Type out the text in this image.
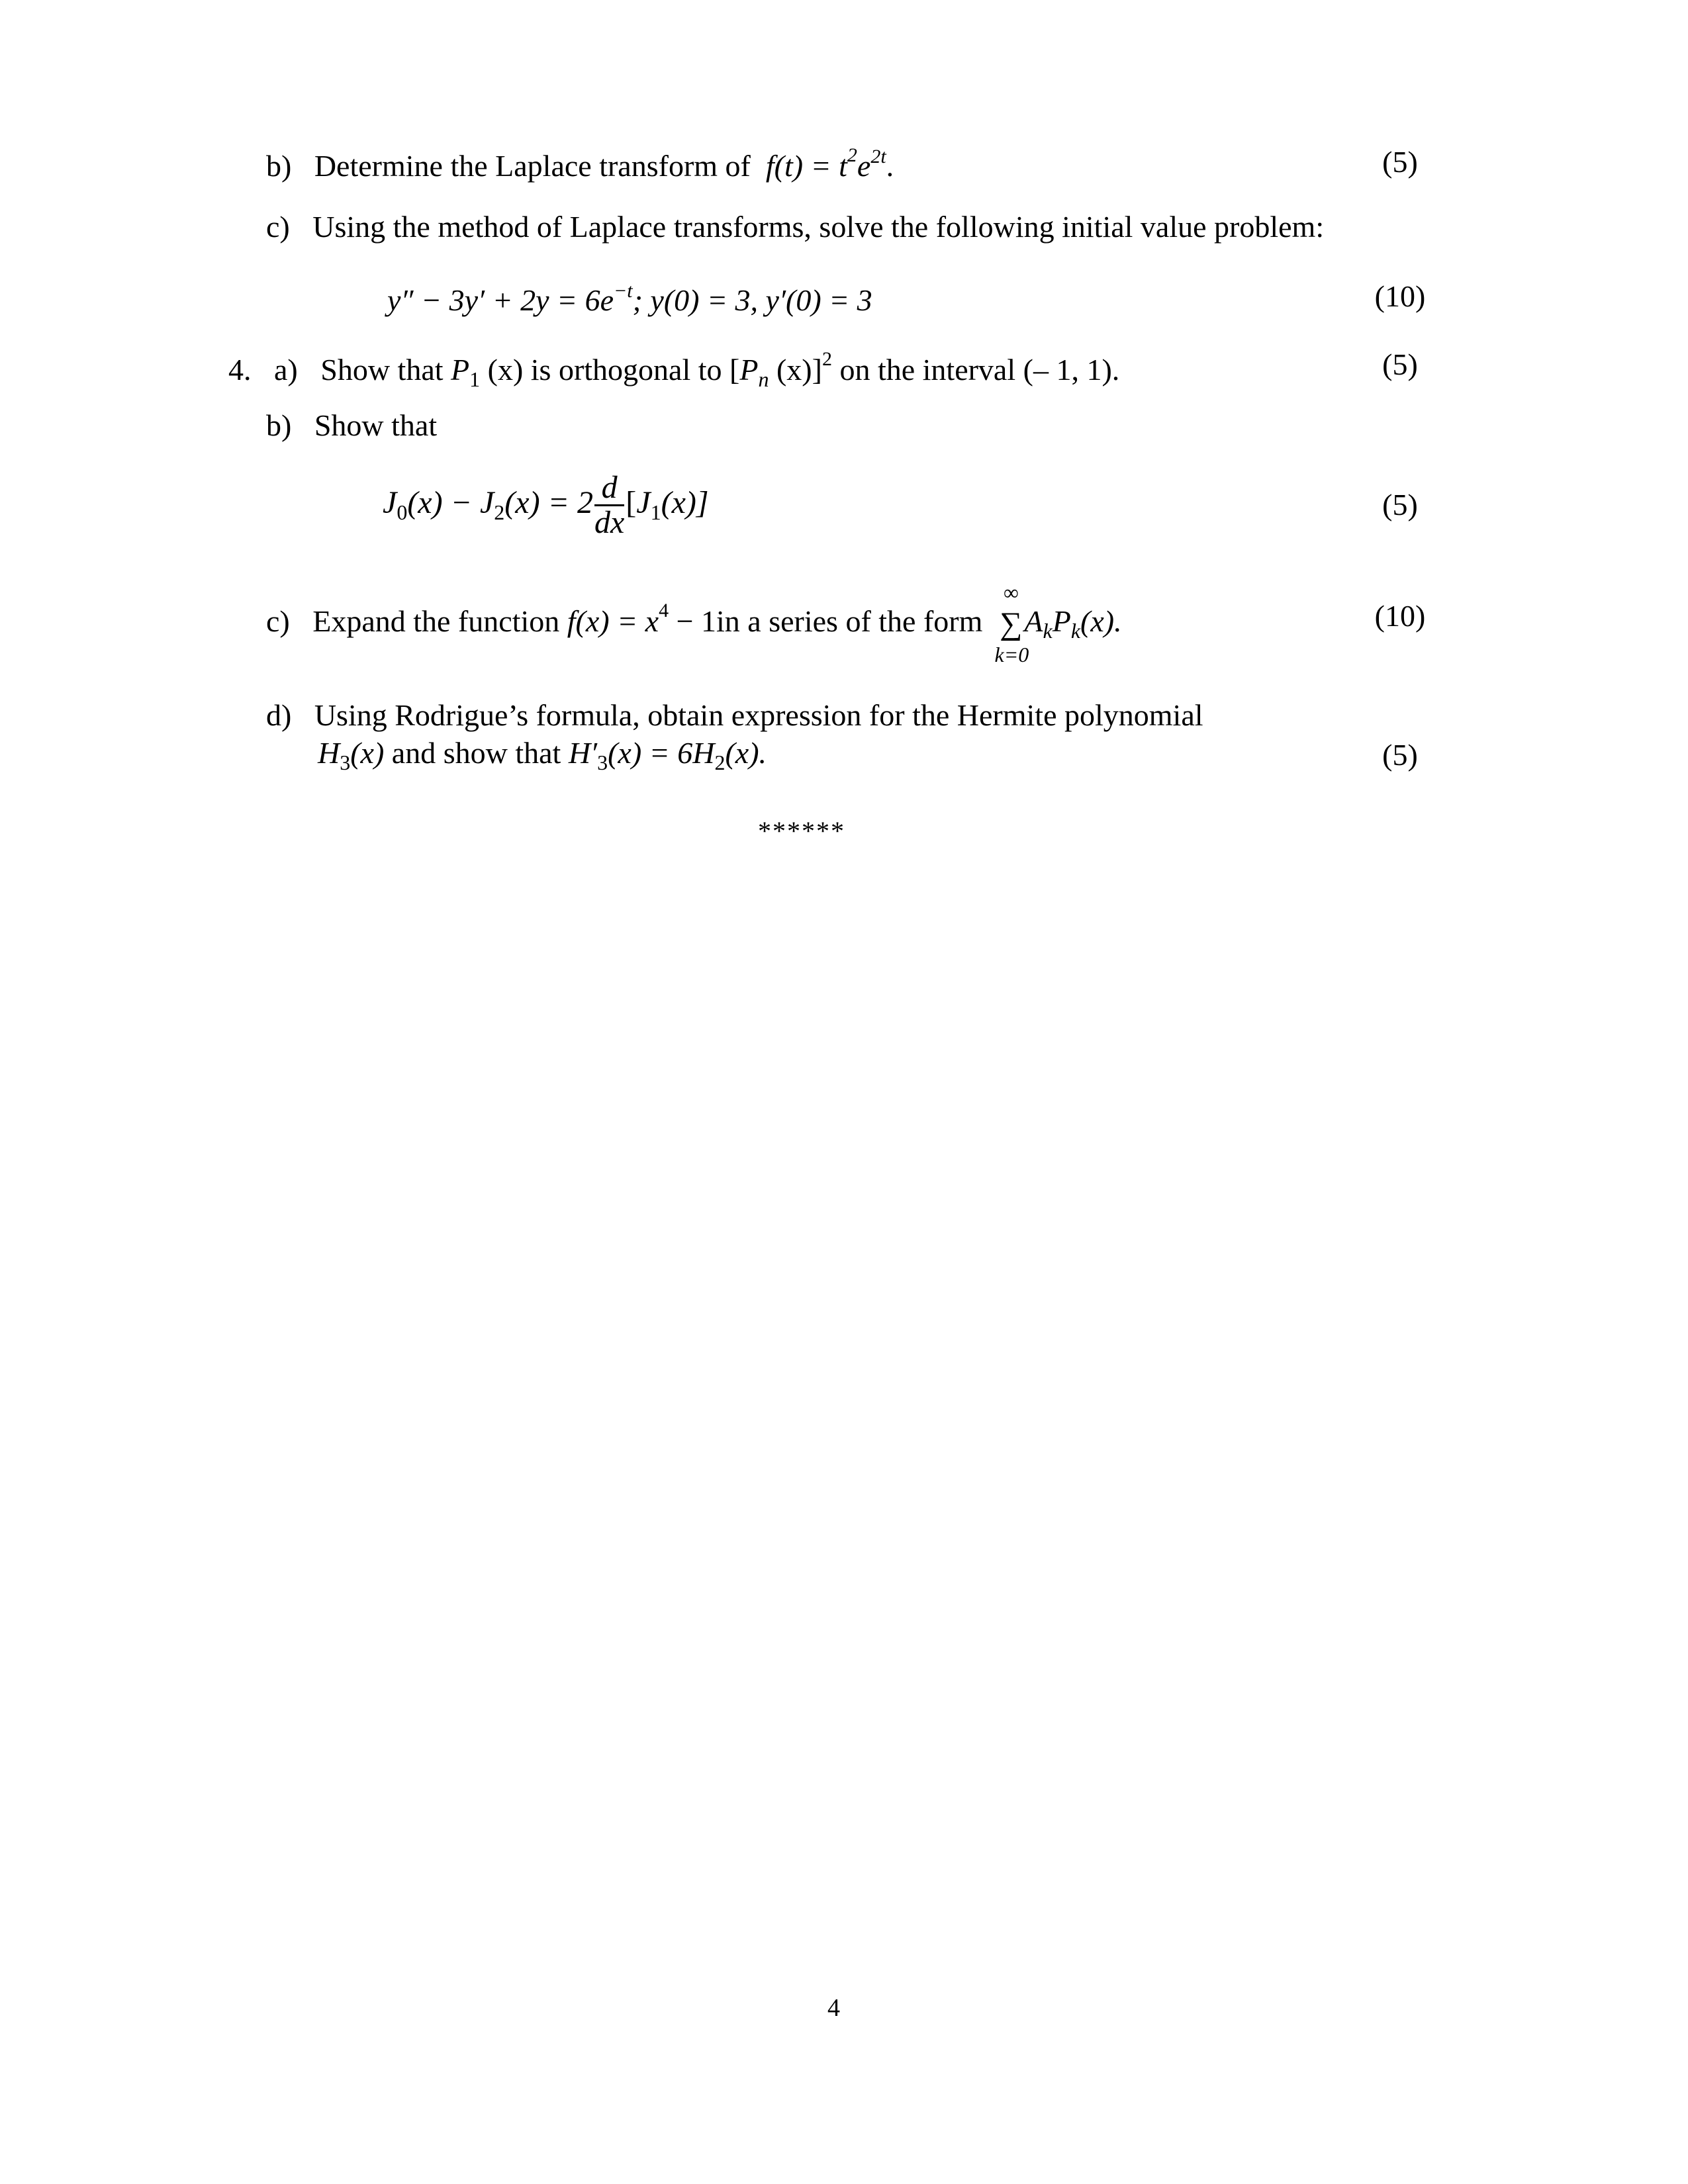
b) Determine the Laplace transform of $f(t) = t^2e^{2t}$.	(5)
c) Using the method of Laplace transforms, solve the following initial value problem:
$y'' - 3y' + 2y = 6e^{-t}$; y(0) = 3, y′(0) = 3	(10)
4. a) Show that $P_1$ (x) is orthogonal to [$P_n$ (x)]$^2$ on the interval (– 1, 1).	(5)
b) Show that
$J_0(x) - J_2(x) = 2 \frac{d}{dx} [J_1(x)]$	(5)
c) Expand the function $f(x) = x^4 - 1in$ a series of the form
∞
∑
k=0
$A_kP_k(x)$.	(10)
d) Using Rodrigue’s formula, obtain expression for the Hermite polynomial
$H_3(x)$ and show that $H'_3(x) = 6H_2(x)$.	(5)
******
4
